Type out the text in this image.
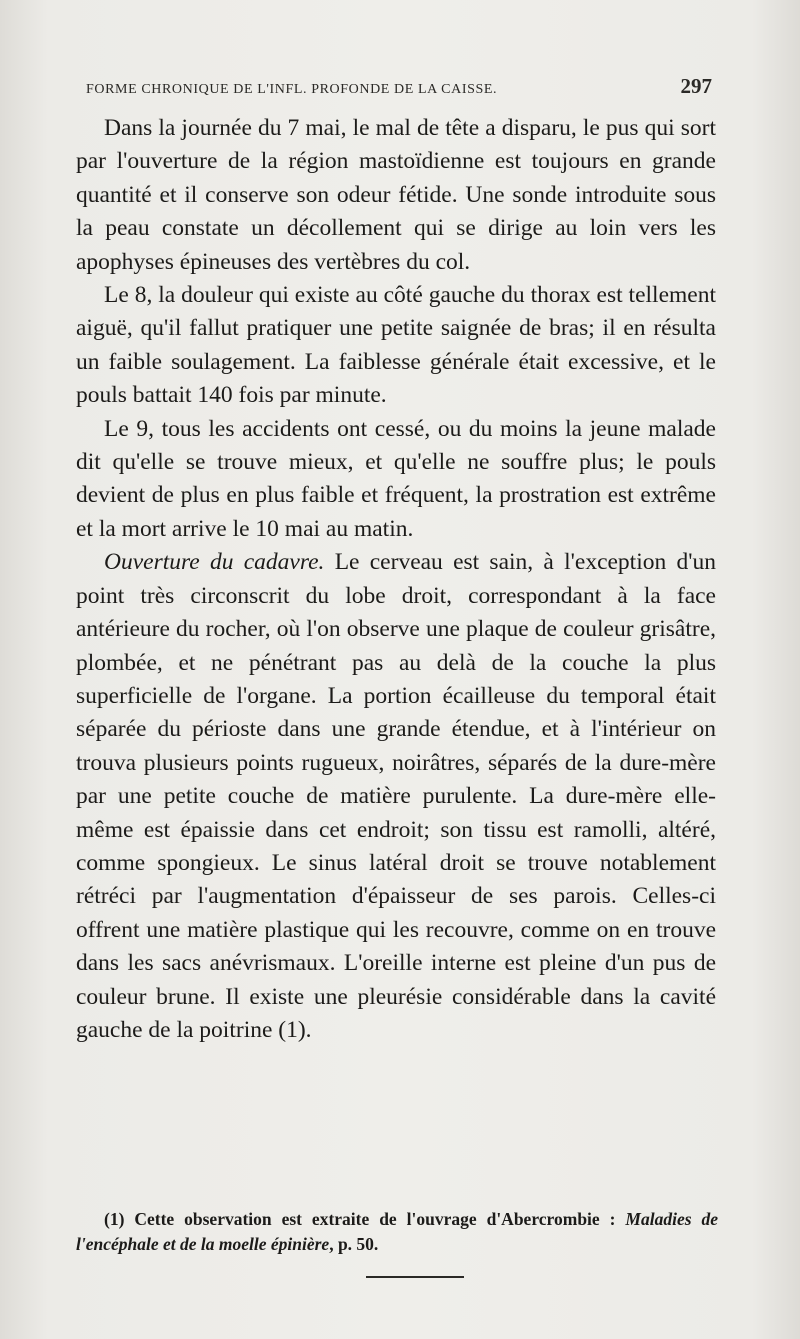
FORME CHRONIQUE DE L'INFL. PROFONDE DE LA CAISSE.	297

Dans la journée du 7 mai, le mal de tête a disparu, le pus qui sort par l'ouverture de la région mastoïdienne est toujours en grande quantité et il conserve son odeur fétide. Une sonde introduite sous la peau constate un décollement qui se dirige au loin vers les apophyses épineuses des vertèbres du col.

Le 8, la douleur qui existe au côté gauche du thorax est tellement aiguë, qu'il fallut pratiquer une petite saignée de bras; il en résulta un faible soulagement. La faiblesse générale était excessive, et le pouls battait 140 fois par minute.

Le 9, tous les accidents ont cessé, ou du moins la jeune malade dit qu'elle se trouve mieux, et qu'elle ne souffre plus; le pouls devient de plus en plus faible et fréquent, la prostration est extrême et la mort arrive le 10 mai au matin.

Ouverture du cadavre. Le cerveau est sain, à l'exception d'un point très circonscrit du lobe droit, correspondant à la face antérieure du rocher, où l'on observe une plaque de couleur grisâtre, plombée, et ne pénétrant pas au delà de la couche la plus superficielle de l'organe. La portion écailleuse du temporal était séparée du périoste dans une grande étendue, et à l'intérieur on trouva plusieurs points rugueux, noirâtres, séparés de la dure-mère par une petite couche de matière purulente. La dure-mère elle-même est épaissie dans cet endroit; son tissu est ramolli, altéré, comme spongieux. Le sinus latéral droit se trouve notablement rétréci par l'augmentation d'épaisseur de ses parois. Celles-ci offrent une matière plastique qui les recouvre, comme on en trouve dans les sacs anévrismaux. L'oreille interne est pleine d'un pus de couleur brune. Il existe une pleurésie considérable dans la cavité gauche de la poitrine (1).

(1) Cette observation est extraite de l'ouvrage d'Abercrombie : Maladies de l'encéphale et de la moelle épinière, p. 50.
